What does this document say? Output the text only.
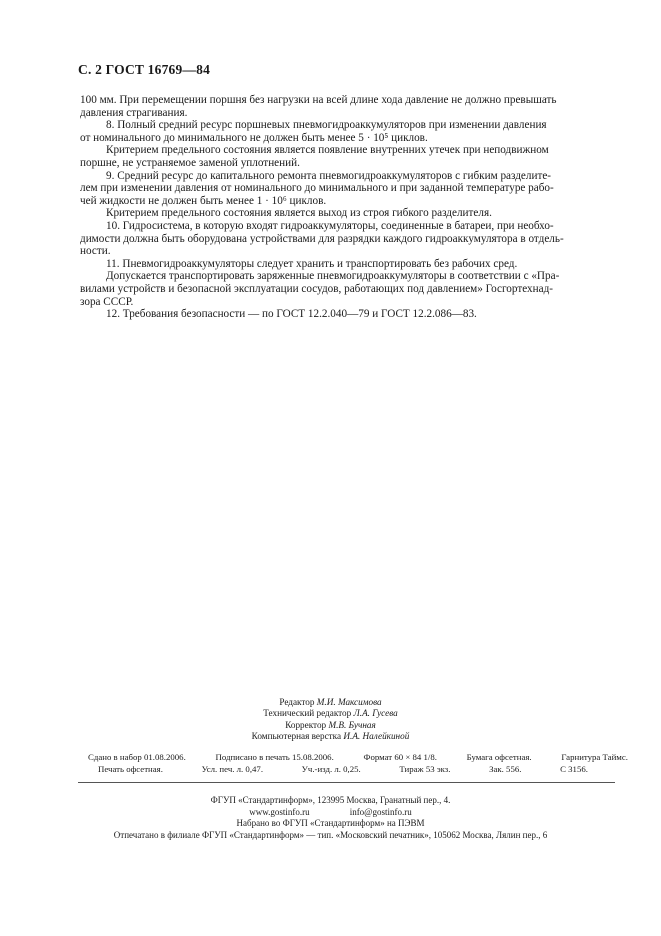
С. 2 ГОСТ 16769—84
100 мм. При перемещении поршня без нагрузки на всей длине хода давление не должно превышать
давления страгивания.
8. Полный средний ресурс поршневых пневмогидроаккумуляторов при изменении давления
от номинального до минимального не должен быть менее 5 · 10⁵ циклов.
Критерием предельного состояния является появление внутренних утечек при неподвижном
поршне, не устраняемое заменой уплотнений.
9. Средний ресурс до капитального ремонта пневмогидроаккумуляторов с гибким разделите-
лем при изменении давления от номинального до минимального и при заданной температуре рабо-
чей жидкости не должен быть менее 1 · 10⁶ циклов.
Критерием предельного состояния является выход из строя гибкого разделителя.
10. Гидросистема, в которую входят гидроаккумуляторы, соединенные в батареи, при необхо-
димости должна быть оборудована устройствами для разрядки каждого гидроаккумулятора в отдель-
ности.
11. Пневмогидроаккумуляторы следует хранить и транспортировать без рабочих сред.
Допускается транспортировать заряженные пневмогидроаккумуляторы в соответствии с «Пра-
вилами устройств и безопасной эксплуатации сосудов, работающих под давлением» Госгортехнад-
зора СССР.
12. Требования безопасности — по ГОСТ 12.2.040—79 и ГОСТ 12.2.086—83.
Редактор М.И. Максимова
Технический редактор Л.А. Гусева
Корректор М.В. Бучная
Компьютерная верстка И.А. Налейкиной
Сдано в набор 01.08.2006.	Подписано в печать 15.08.2006.	Формат 60 × 84 1/8.	Бумага офсетная.	Гарнитура Таймс.
Печать офсетная.	Усл. печ. л. 0,47.	Уч.-изд. л. 0,25.	Тираж 53 экз.	Зак. 556.	С 3156.
ФГУП «Стандартинформ», 123995 Москва, Гранатный пер., 4.
www.gostinfo.ru	info@gostinfo.ru
Набрано во ФГУП «Стандартинформ» на ПЭВМ
Отпечатано в филиале ФГУП «Стандартинформ» — тип. «Московский печатник», 105062 Москва, Лялин пер., 6
